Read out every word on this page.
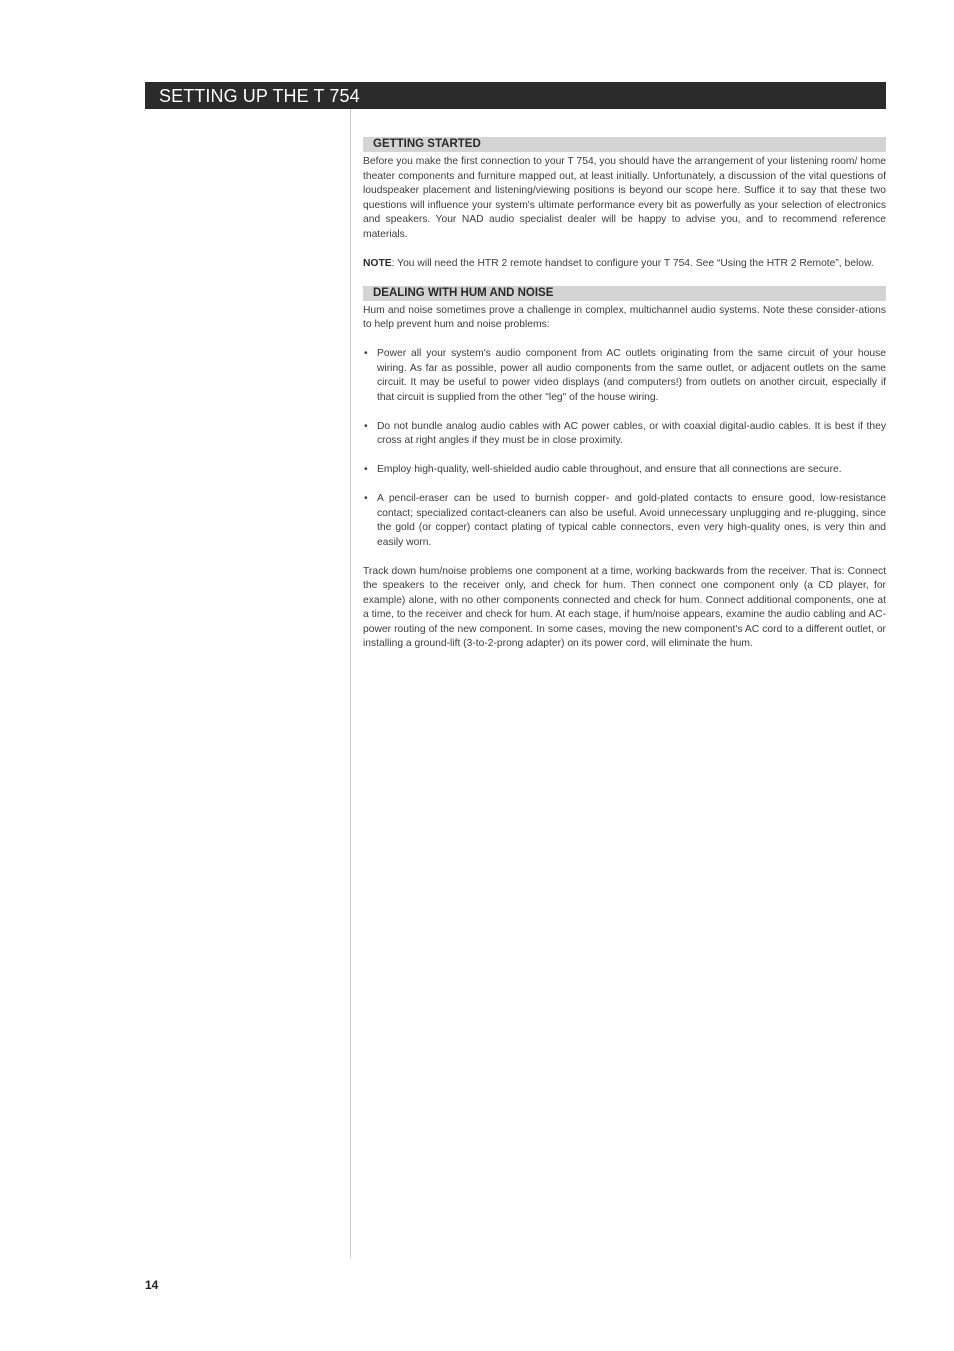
SETTING UP THE T 754
GETTING STARTED

Before you make the first connection to your T 754, you should have the arrangement of your listening room/ home theater components and furniture mapped out, at least initially. Unfortunately, a discussion of the vital questions of loudspeaker placement and listening/viewing positions is beyond our scope here. Suffice it to say that these two questions will influence your system's ultimate performance every bit as powerfully as your selection of electronics and speakers. Your NAD audio specialist dealer will be happy to advise you, and to recommend reference materials.

NOTE: You will need the HTR 2 remote handset to configure your T 754. See “Using the HTR 2 Remote”, below.

DEALING WITH HUM AND NOISE

Hum and noise sometimes prove a challenge in complex, multichannel audio systems. Note these consider-ations to help prevent hum and noise problems:

• Power all your system's audio component from AC outlets originating from the same circuit of your house wiring. As far as possible, power all audio components from the same outlet, or adjacent outlets on the same circuit. It may be useful to power video displays (and computers!) from outlets on another circuit, especially if that circuit is supplied from the other "leg" of the house wiring.
• Do not bundle analog audio cables with AC power cables, or with coaxial digital-audio cables. It is best if they cross at right angles if they must be in close proximity.
• Employ high-quality, well-shielded audio cable throughout, and ensure that all connections are secure.
• A pencil-eraser can be used to burnish copper- and gold-plated contacts to ensure good, low-resistance contact; specialized contact-cleaners can also be useful. Avoid unnecessary unplugging and re-plugging, since the gold (or copper) contact plating of typical cable connectors, even very high-quality ones, is very thin and easily worn.

Track down hum/noise problems one component at a time, working backwards from the receiver. That is: Connect the speakers to the receiver only, and check for hum. Then connect one component only (a CD player, for example) alone, with no other components connected and check for hum. Connect additional components, one at a time, to the receiver and check for hum. At each stage, if hum/noise appears, examine the audio cabling and AC-power routing of the new component. In some cases, moving the new component's AC cord to a different outlet, or installing a ground-lift (3-to-2-prong adapter) on its power cord, will eliminate the hum.

14
